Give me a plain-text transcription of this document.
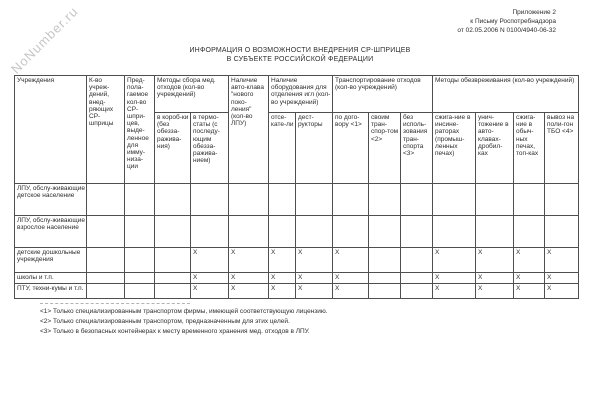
NoNumber.ru	Приложение 2
к Письму Роспотребнадзора
от 02.05.2006 N 0100/4940-06-32
ИНФОРМАЦИЯ О ВОЗМОЖНОСТИ ВНЕДРЕНИЯ СР-ШПРИЦЕВ
В СУБЪЕКТЕ РОССИЙСКОЙ ФЕДЕРАЦИИ
Учреждения	К-во учреж-дений, внед-ряющих СР-шприцы	Пред-пола-гаемое кол-во СР-шпри-цев, выде-ленное для имму-низа-ции	Методы сбора мед. отходов (кол-во учреждений)		Наличие авто-клава "нового поко-ления" (кол-во ЛПУ)	Наличие оборудования для отделения игл (кол-во учреждений)		Транспортирование отходов (кол-во учреждений)			Методы обезвреживания (кол-во учреждений)			
			в короб-ки (без обезза-ражива-ния)	в термо-статы (с последу-ющим обезза-ражива-нием)		отсе-кате-ли	дест-рукторы	по дого-вору <1>	своим тран-спор-том <2>	без исполь-зования тран-спорта <3>	сжига-ние в инсине-раторах (промыш-ленных печах)	унич-тожение в авто-клавах-дробил-ках	сжига-ние в обыч-ных печах, топ-ках	вывоз на поли-гон ТБО <4>
ЛПУ, обслу-живающие детское население														
ЛПУ, обслу-живающие взрослое население														
детские дошкольные учреждения				X	X	X	X	X			X	X	X	X
школы и т.п.				X	X	X	X	X			X	X	X	X
ПТУ, техни-кумы и т.п.				X	X	X	X	X			X	X	X	X
<1> Только специализированным транспортом фирмы, имеющей соответствующую лицензию.
<2> Только специализированным транспортом, предназначенным для этих целей.
<3> Только в безопасных контейнерах к месту временного хранения мед. отходов в ЛПУ.
